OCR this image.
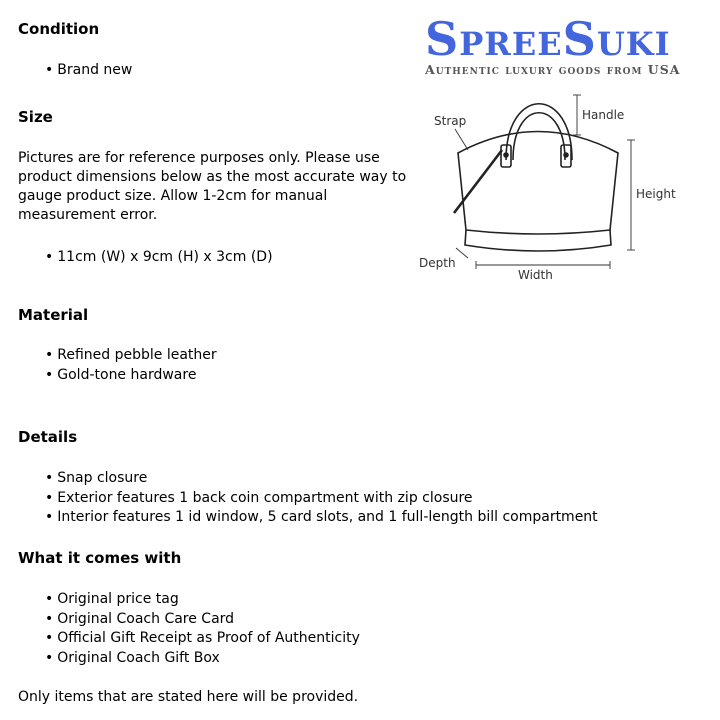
SpreeSuki
Authentic luxury goods from USA
Strap	Handle
Height
Depth
Width
Condition
• Brand new
Size

Pictures are for reference purposes only. Please use product dimensions below as the most accurate way to gauge product size. Allow 1-2cm for manual measurement error.

• 11cm (W) x 9cm (H) x 3cm (D)
Material
• Refined pebble leather
• Gold-tone hardware
Details
• Snap closure
• Exterior features 1 back coin compartment with zip closure
• Interior features 1 id window, 5 card slots, and 1 full-length bill compartment
What it comes with
• Original price tag
• Original Coach Care Card
• Official Gift Receipt as Proof of Authenticity
• Original Coach Gift Box

Only items that are stated here will be provided.
